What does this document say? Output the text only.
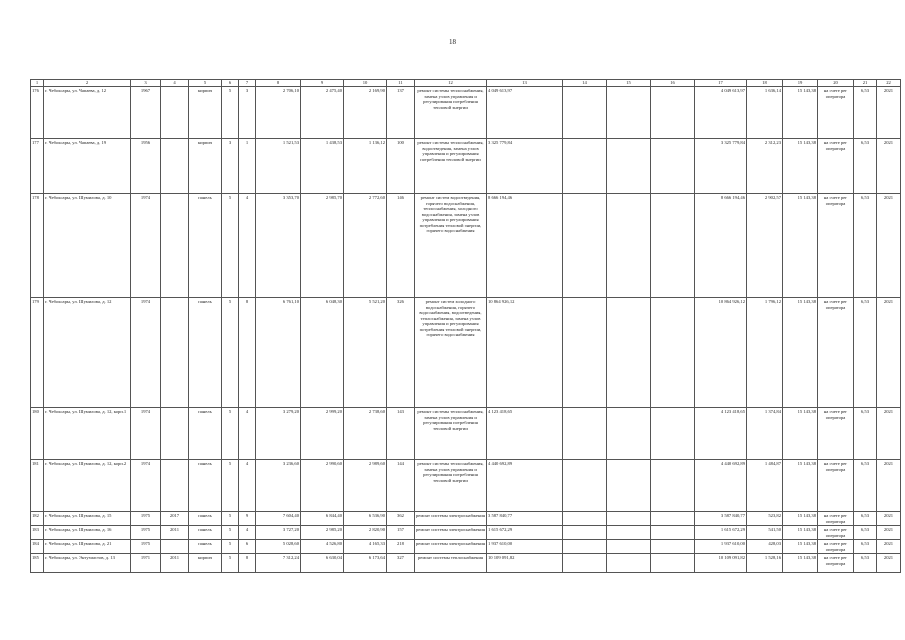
18
1	2	3	4	5	6	7	8	9	10	11	12	13	14	15	16	17	18	19	20	21	22
176	г. Чебоксары, ул. Чапаева, д. 12	1967		кирпич	5	3	2 706,10	2 475,40	2 169,90	137	ремонт системы теплоснабжения, замена узлов управления и регулирования потребления тепловой энергии	4 049 613,97				4 049 613,97	1 636,14	15 143,38	на счете рег оператора	6,53	2021
177	г. Чебоксары, ул. Чапаева, д. 19	1956		кирпич	3	1	1 521,53	1 438,53	1 136,12	100	ремонт системы теплоснабжения, водоотведения, замена узлов управления и регулирования потребления тепловой энергии	3 325 779,84				3 325 779,84	2 312,23	15 143,38	на счете рег оператора	6,53	2021
178	г. Чебоксары, ул. Шумилова, д. 10	1974		панель	5	4	3 353,70	2 985,70	2 772,60	146	ремонт систем водоотведения, горячего водоснабжения, теплоснабжения, холодного водоснабжения, замена узлов управления и регулирования потребления тепловой энергии, горячего водоснабжения	8 666 194,46				8 666 194,46	2 902,57	15 143,38	на счете рег оператора	6,53	2021
179	г. Чебоксары, ул. Шумилова, д. 12	1974		панель	5	8	6 761,10	6 048,30	5 521,20	326	ремонт систем холодного водоснабжения, горячего водоснабжения, водоотведения, теплоснабжения, замена узлов управления и регулирования потребления тепловой энергии, горячего водоснабжения	10 864 926,12				10 864 926,12	1 796,12	15 143,38	на счете рег оператора	6,53	2021
180	г. Чебоксары, ул. Шумилова, д. 12, корп.1	1974		панель	5	4	3 279,20	2 999,20	2 738,60	143	ремонт системы теплоснабжения, замена узлов управления и регулирования потребления тепловой энергии	4 123 418,65				4 123 418,65	1 374,84	15 143,38	на счете рег оператора	6,53	2021
181	г. Чебоксары, ул. Шумилова, д. 12, корп.2	1974		панель	5	4	3 236,60	2 990,60	2 989,60	144	ремонт системы теплоснабжения, замена узлов управления и регулирования потребления тепловой энергии	4 440 692,89				4 440 692,89	1 484,87	15 143,38	на счете рег оператора	6,53	2021
182	г. Чебоксары, ул. Шумилова, д. 15	1975	2017	панель	5	9	7 604,40	6 844,40	6 536,90	362	ремонт системы электроснабжения	3 587 840,77				3 587 840,77	523,82	15 143,38	на счете рег оператора	6,53	2021
183	г. Чебоксары, ул. Шумилова, д. 16	1975	2011	панель	5	4	3 727,20	2 985,20	2 820,90	157	ремонт системы электроснабжения	1 615 672,29				1 615 672,29	541,50	15 143,38	на счете рег оператора	6,53	2021
184	г. Чебоксары, ул. Шумилова, д. 21	1975		панель	5	6	5 028,60	4 526,80	4 165,33	218	ремонт системы электроснабжения	1 937 610,00				1 937 610,00	428,03	15 143,38	на счете рег оператора	6,53	2021
185	г. Чебоксары, ул. Энтузиастов, д. 13	1971	2011	кирпич	5	8	7 312,24	6 630,04	6 173,64	327	ремонт системы теплоснабжения	10 109 091,82				10 109 091,82	1 528,16	15 143,38	на счете рег оператора	6,53	2021
